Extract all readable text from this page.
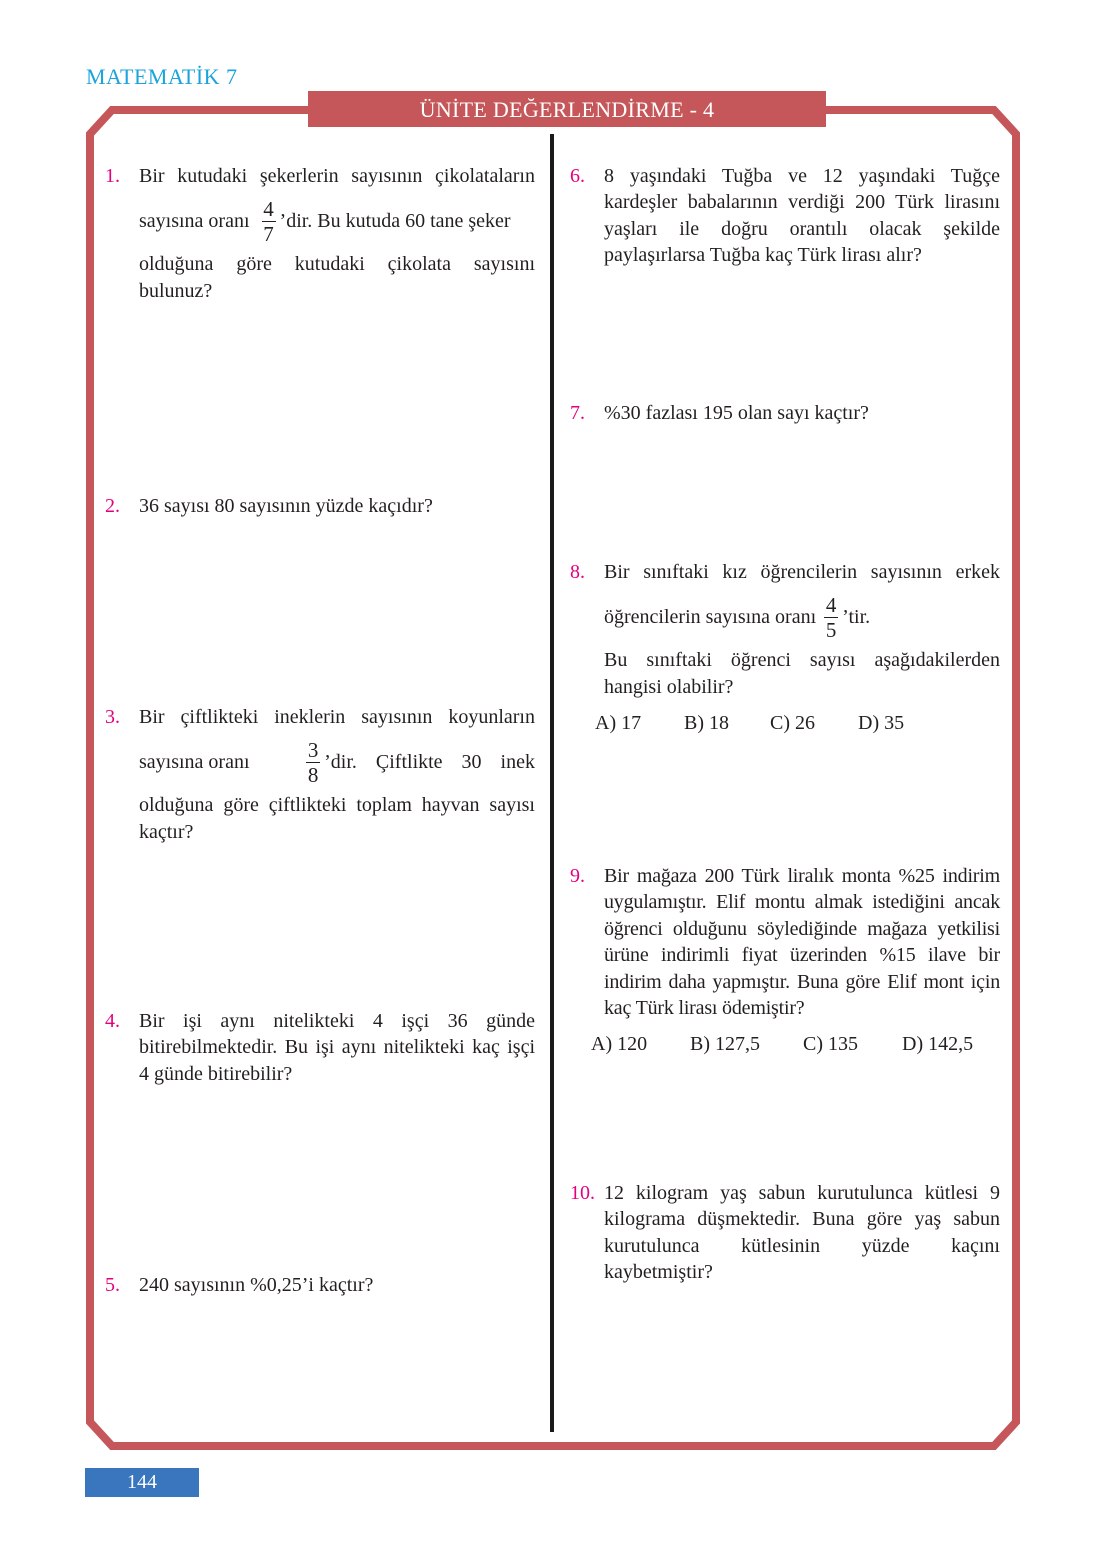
MATEMATİK 7
ÜNİTE DEĞERLENDİRME - 4
1. Bir kutudaki şekerlerin sayısının çikolataların
sayısına oranı $\frac{4}{7}$ ’dir. Bu kutuda 60 tane şeker
olduğuna göre kutudaki çikolata sayısını bulunuz?
2. 36 sayısı 80 sayısının yüzde kaçıdır?
3. Bir çiftlikteki ineklerin sayısının koyunların
sayısına oranı	$\frac{3}{8}$ ’dir. Çiftlikte 30 inek
olduğuna göre çiftlikteki toplam hayvan sayısı kaçtır?
4. Bir işi aynı nitelikteki 4 işçi 36 günde bitirebilmektedir. Bu işi aynı nitelikteki kaç işçi 4 günde bitirebilir?
5. 240 sayısının %0,25’i kaçtır?
6. 8 yaşındaki Tuğba ve 12 yaşındaki Tuğçe kardeşler babalarının verdiği 200 Türk lirasını yaşları ile doğru orantılı olacak şekilde paylaşırlarsa Tuğba kaç Türk lirası alır?
7. %30 fazlası 195 olan sayı kaçtır?
8. Bir sınıftaki kız öğrencilerin sayısının erkek
öğrencilerin sayısına oranı $\frac{4}{5}$ ’tir.
Bu sınıftaki öğrenci sayısı aşağıdakilerden hangisi olabilir?
A) 17	B) 18	C) 26	D) 35
9. Bir mağaza 200 Türk liralık monta %25 indirim uygulamıştır. Elif montu almak istediğini ancak öğrenci olduğunu söylediğinde mağaza yetkilisi ürüne indirimli fiyat üzerinden %15 ilave bir indirim daha yapmıştır. Buna göre Elif mont için kaç Türk lirası ödemiştir?
A) 120	B) 127,5	C) 135	D) 142,5
10. 12 kilogram yaş sabun kurutulunca kütlesi 9 kilograma düşmektedir. Buna göre yaş sabun kurutulunca kütlesinin yüzde kaçını kaybetmiştir?
144
